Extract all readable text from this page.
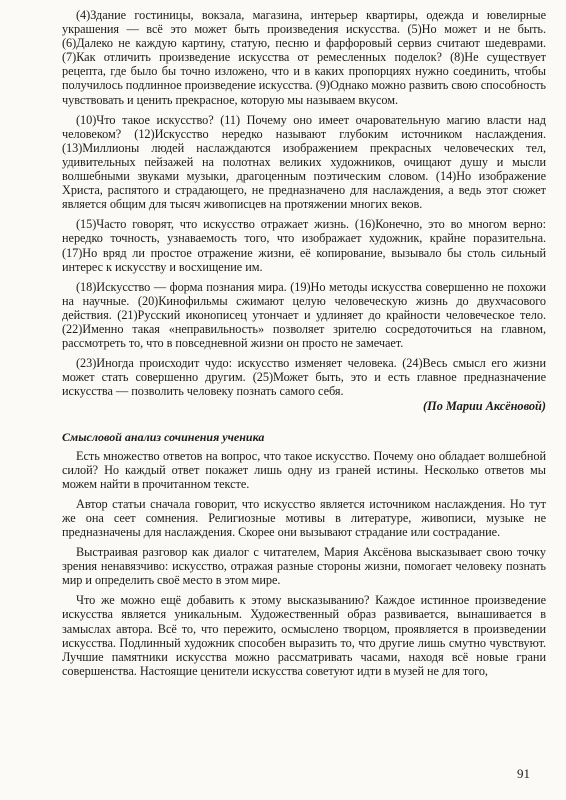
(4)Здание гостиницы, вокзала, магазина, интерьер квартиры, одежда и ювелирные украшения — всё это может быть произведения искусства. (5)Но может и не быть. (6)Далеко не каждую картину, статую, песню и фарфоровый сервиз считают шедеврами. (7)Как отличить произведение искусства от ремесленных поделок? (8)Не существует рецепта, где было бы точно изложено, что и в каких пропорциях нужно соединить, чтобы получилось подлинное произведение искусства. (9)Однако можно развить свою способность чувствовать и ценить прекрасное, которую мы называем вкусом.

(10)Что такое искусство? (11) Почему оно имеет очаровательную магию власти над человеком? (12)Искусство нередко называют глубоким источником наслаждения. (13)Миллионы людей наслаждаются изображением прекрасных человеческих тел, удивительных пейзажей на полотнах великих художников, очищают душу и мысли волшебными звуками музыки, драгоценным поэтическим словом. (14)Но изображение Христа, распятого и страдающего, не предназначено для наслаждения, а ведь этот сюжет является общим для тысяч живописцев на протяжении многих веков.

(15)Часто говорят, что искусство отражает жизнь. (16)Конечно, это во многом верно: нередко точность, узнаваемость того, что изображает художник, крайне поразительна. (17)Но вряд ли простое отражение жизни, её копирование, вызывало бы столь сильный интерес к искусству и восхищение им.

(18)Искусство — форма познания мира. (19)Но методы искусства совершенно не похожи на научные. (20)Кинофильмы сжимают целую человеческую жизнь до двухчасового действия. (21)Русский иконописец утончает и удлиняет до крайности человеческое тело. (22)Именно такая «неправильность» позволяет зрителю сосредоточиться на главном, рассмотреть то, что в повседневной жизни он просто не замечает.

(23)Иногда происходит чудо: искусство изменяет человека. (24)Весь смысл его жизни может стать совершенно другим. (25)Может быть, это и есть главное предназначение искусства — позволить человеку познать самого себя.

(По Марии Аксёновой)
Смысловой анализ сочинения ученика

Есть множество ответов на вопрос, что такое искусство. Почему оно обладает волшебной силой? Но каждый ответ покажет лишь одну из граней истины. Несколько ответов мы можем найти в прочитанном тексте.

Автор статьи сначала говорит, что искусство является источником наслаждения. Но тут же она сеет сомнения. Религиозные мотивы в литературе, живописи, музыке не предназначены для наслаждения. Скорее они вызывают страдание или сострадание.

Выстраивая разговор как диалог с читателем, Мария Аксёнова высказывает свою точку зрения ненавязчиво: искусство, отражая разные стороны жизни, помогает человеку познать мир и определить своё место в этом мире.

Что же можно ещё добавить к этому высказыванию? Каждое истинное произведение искусства является уникальным. Художественный образ развивается, вынашивается в замыслах автора. Всё то, что пережито, осмыслено творцом, проявляется в произведении искусства. Подлинный художник способен выразить то, что другие лишь смутно чувствуют. Лучшие памятники искусства можно рассматривать часами, находя всё новые грани совершенства. Настоящие ценители искусства советуют идти в музей не для того,

91
